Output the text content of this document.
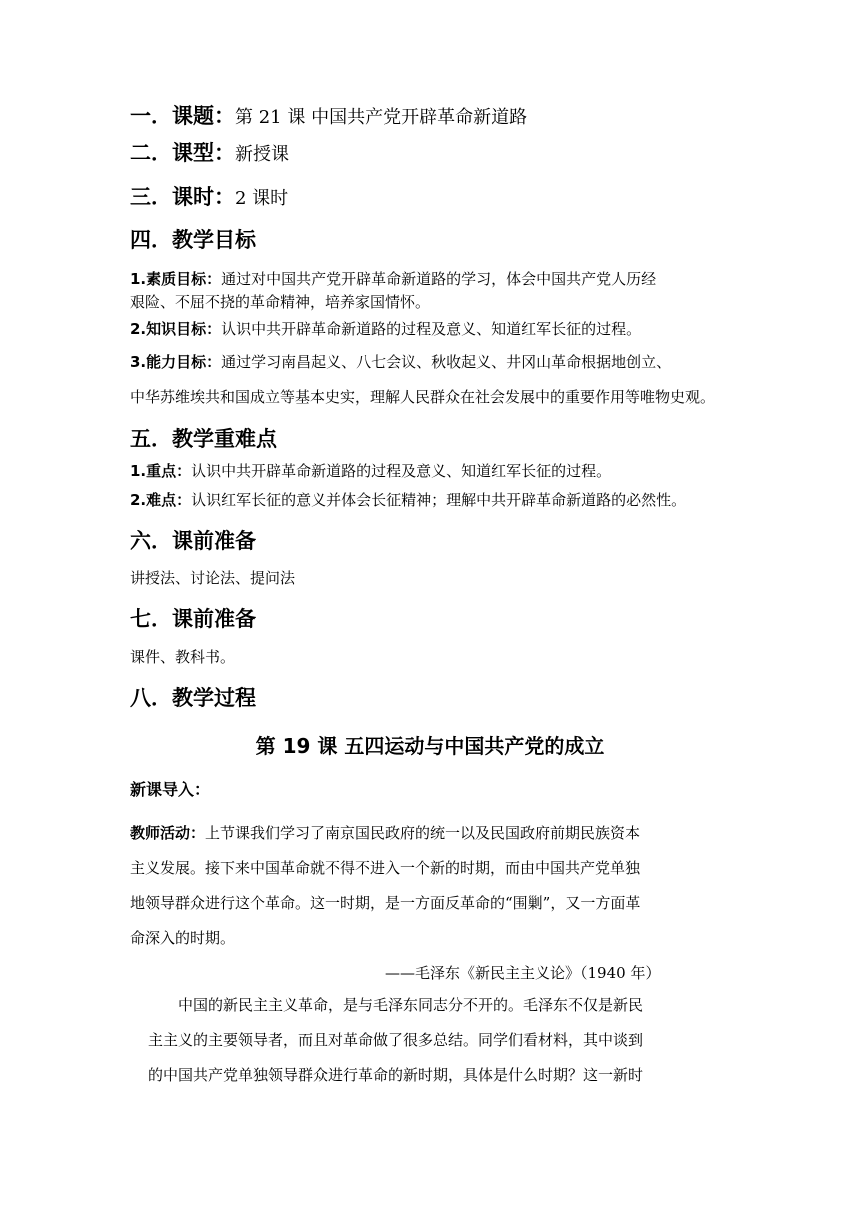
一．课题：第 21 课 中国共产党开辟革命新道路
二．课型：新授课
三．课时：2 课时
四．教学目标
1.素质目标：通过对中国共产党开辟革命新道路的学习，体会中国共产党人历经
艰险、不屈不挠的革命精神，培养家国情怀。
2.知识目标：认识中共开辟革命新道路的过程及意义、知道红军长征的过程。
3.能力目标：通过学习南昌起义、八七会议、秋收起义、井冈山革命根据地创立、
中华苏维埃共和国成立等基本史实，理解人民群众在社会发展中的重要作用等唯物史观。
五．教学重难点
1.重点：认识中共开辟革命新道路的过程及意义、知道红军长征的过程。
2.难点：认识红军长征的意义并体会长征精神；理解中共开辟革命新道路的必然性。
六．课前准备
讲授法、讨论法、提问法
七．课前准备
课件、教科书。
八．教学过程
第 19 课 五四运动与中国共产党的成立
新课导入：
教师活动：上节课我们学习了南京国民政府的统一以及民国政府前期民族资本
主义发展。接下来中国革命就不得不进入一个新的时期，而由中国共产党单独
地领导群众进行这个革命。这一时期，是一方面反革命的“围剿”，又一方面革
命深入的时期。
——毛泽东《新民主主义论》（1940 年）
中国的新民主主义革命，是与毛泽东同志分不开的。毛泽东不仅是新民
主主义的主要领导者，而且对革命做了很多总结。同学们看材料，其中谈到
的中国共产党单独领导群众进行革命的新时期，具体是什么时期？这一新时
